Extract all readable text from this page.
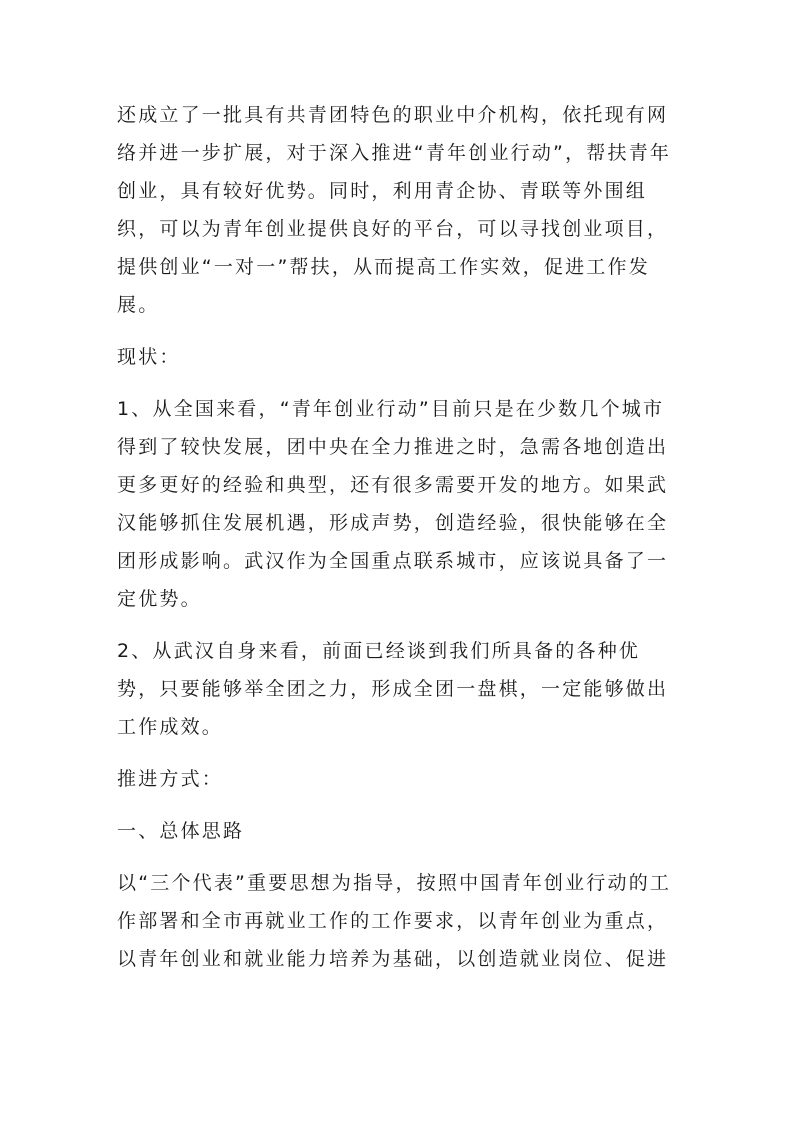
还成立了一批具有共青团特色的职业中介机构，依托现有网络并进一步扩展，对于深入推进“青年创业行动”，帮扶青年创业，具有较好优势。同时，利用青企协、青联等外围组织，可以为青年创业提供良好的平台，可以寻找创业项目，提供创业“一对一”帮扶，从而提高工作实效，促进工作发展。

现状：

1、从全国来看，“青年创业行动”目前只是在少数几个城市得到了较快发展，团中央在全力推进之时，急需各地创造出更多更好的经验和典型，还有很多需要开发的地方。如果武汉能够抓住发展机遇，形成声势，创造经验，很快能够在全团形成影响。武汉作为全国重点联系城市，应该说具备了一定优势。

2、从武汉自身来看，前面已经谈到我们所具备的各种优势，只要能够举全团之力，形成全团一盘棋，一定能够做出工作成效。

推进方式：

一、总体思路

以“三个代表”重要思想为指导，按照中国青年创业行动的工作部署和全市再就业工作的工作要求，以青年创业为重点，以青年创业和就业能力培养为基础，以创造就业岗位、促进
